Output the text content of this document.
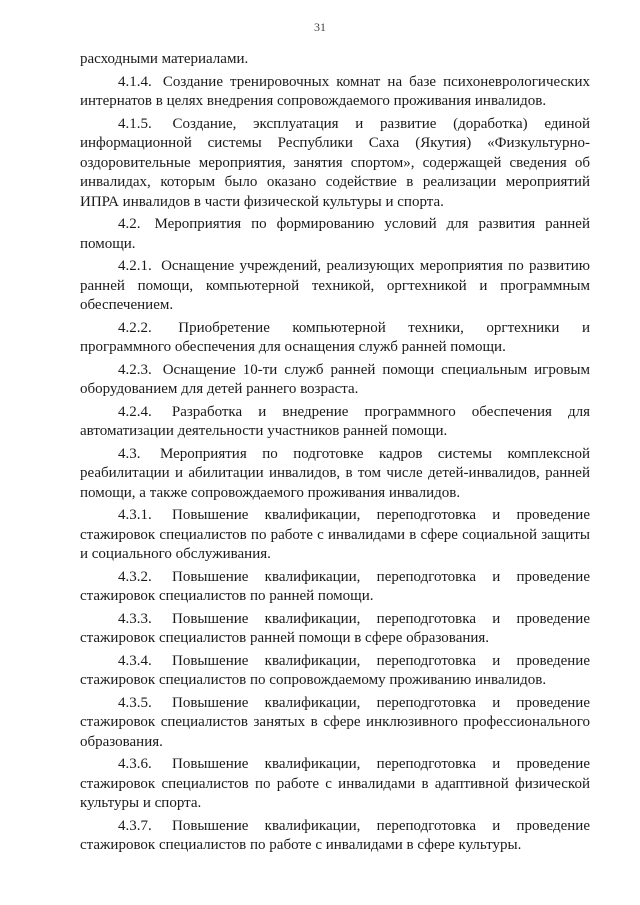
31

расходными материалами.

4.1.4. Создание тренировочных комнат на базе психоневрологических интернатов в целях внедрения сопровождаемого проживания инвалидов.

4.1.5. Создание, эксплуатация и развитие (доработка) единой информационной системы Республики Саха (Якутия) «Физкультурно-оздоровительные мероприятия, занятия спортом», содержащей сведения об инвалидах, которым было оказано содействие в реализации мероприятий ИПРА инвалидов в части физической культуры и спорта.

4.2. Мероприятия по формированию условий для развития ранней помощи.

4.2.1. Оснащение учреждений, реализующих мероприятия по развитию ранней помощи, компьютерной техникой, оргтехникой и программным обеспечением.

4.2.2. Приобретение компьютерной техники, оргтехники и программного обеспечения для оснащения служб ранней помощи.

4.2.3. Оснащение 10-ти служб ранней помощи специальным игровым оборудованием для детей раннего возраста.

4.2.4. Разработка и внедрение программного обеспечения для автоматизации деятельности участников ранней помощи.

4.3. Мероприятия по подготовке кадров системы комплексной реабилитации и абилитации инвалидов, в том числе детей-инвалидов, ранней помощи, а также сопровождаемого проживания инвалидов.

4.3.1. Повышение квалификации, переподготовка и проведение стажировок специалистов по работе с инвалидами в сфере социальной защиты и социального обслуживания.

4.3.2. Повышение квалификации, переподготовка и проведение стажировок специалистов по ранней помощи.

4.3.3. Повышение квалификации, переподготовка и проведение стажировок специалистов ранней помощи в сфере образования.

4.3.4. Повышение квалификации, переподготовка и проведение стажировок специалистов по сопровождаемому проживанию инвалидов.

4.3.5. Повышение квалификации, переподготовка и проведение стажировок специалистов занятых в сфере инклюзивного профессионального образования.

4.3.6. Повышение квалификации, переподготовка и проведение стажировок специалистов по работе с инвалидами в адаптивной физической культуры и спорта.

4.3.7. Повышение квалификации, переподготовка и проведение стажировок специалистов по работе с инвалидами в сфере культуры.
